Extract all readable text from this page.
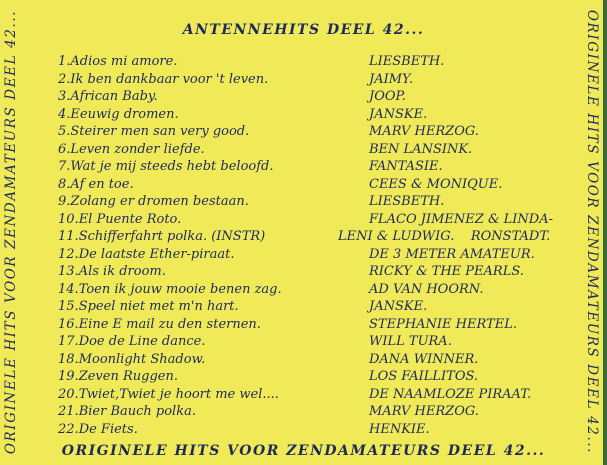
ORIGINELE HITS VOOR ZENDAMATEURS DEEL 42...	ANTENNEHITS DEEL 42...
1.Adios mi amore.	LIESBETH.
2.Ik ben dankbaar voor 't leven.	JAIMY.
3.African Baby.	JOOP.
4.Eeuwig dromen.	JANSKE.
5.Steirer men san very good.	MARV HERZOG.
6.Leven zonder liefde.	BEN LANSINK.
7.Wat je mij steeds hebt beloofd.	FANTASIE.
8.Af en toe.	CEES & MONIQUE.
9.Zolang er dromen bestaan.	LIESBETH.
10.El Puente Roto.	FLACO JIMENEZ & LINDA-
11.Schifferfahrt polka. (INSTR)	LENI & LUDWIG.    RONSTADT.
12.De laatste Ether-piraat.	DE 3 METER AMATEUR.
13.Als ik droom.	RICKY & THE PEARLS.
14.Toen ik jouw mooie benen zag.	AD VAN HOORN.
15.Speel niet met m'n hart.	JANSKE.
16.Eine E mail zu den sternen.	STEPHANIE HERTEL.
17.Doe de Line dance.	WILL TURA.
18.Moonlight Shadow.	DANA WINNER.
19.Zeven Ruggen.	LOS FAILLITOS.
20.Twiet,Twiet je hoort me wel....	DE NAAMLOZE PIRAAT.
21.Bier Bauch polka.	MARV HERZOG.
22.De Fiets.	HENKIE.
ORIGINELE HITS VOOR ZENDAMATEURS DEEL 42...	ORIGINELE HITS VOOR ZENDAMATEURS DEEL 42...
